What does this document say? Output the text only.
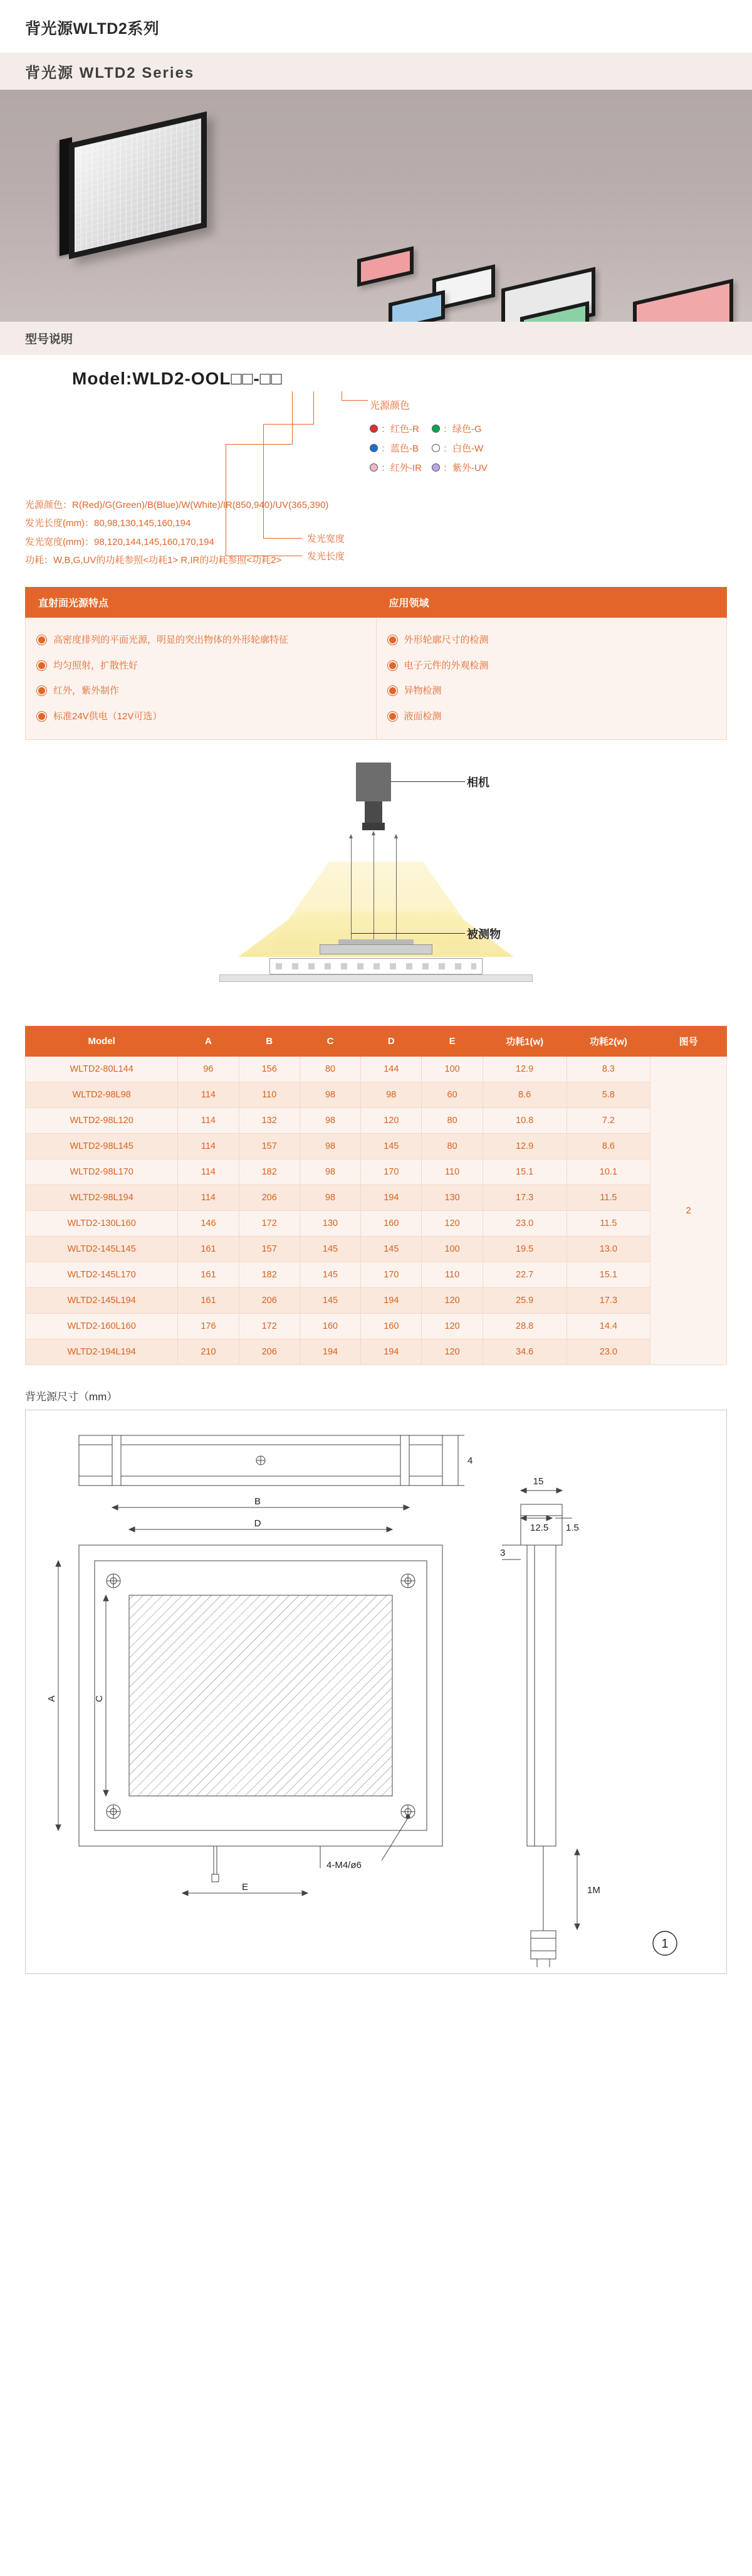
背光源WLTD2系列
背光源 WLTD2 Series
型号说明
Model:WLD2-OOL□□-□□
发光宽度
发光长度
光源颜色
：红色-R	：绿色-G
：蓝色-B	：白色-W
：红外-IR	：紫外-UV
光源颜色：R(Red)/G(Green)/B(Blue)/W(White)/IR(850,940)/UV(365,390)
发光长度(mm)：80,98,130,145,160,194
发光宽度(mm)：98,120,144,145,160,170,194
功耗：W,B,G,UV的功耗参照<功耗1> R,IR的功耗参照<功耗2>
直射面光源特点	应用领域

高密度排列的平面光源，明显的突出物体的外形轮廓特征
均匀照射，扩散性好
红外，紫外制作
标准24V供电（12V可选）

外形轮廓尺寸的检测
电子元件的外观检测
异物检测
液面检测
相机
被测物
Model	A	B	C	D	E	功耗1(w)	功耗2(w)	图号
WLTD2-80L144	96	156	80	144	100	12.9	8.3	2
WLTD2-98L98	114	110	98	98	60	8.6	5.8	
WLTD2-98L120	114	132	98	120	80	10.8	7.2	
WLTD2-98L145	114	157	98	145	80	12.9	8.6	
WLTD2-98L170	114	182	98	170	110	15.1	10.1	
WLTD2-98L194	114	206	98	194	130	17.3	11.5	
WLTD2-130L160	146	172	130	160	120	23.0	11.5	
WLTD2-145L145	161	157	145	145	100	19.5	13.0	
WLTD2-145L170	161	182	145	170	110	22.7	15.1	
WLTD2-145L194	161	206	145	194	120	25.9	17.3	
WLTD2-160L160	176	172	160	160	120	28.8	14.4	
WLTD2-194L194	210	206	194	194	120	34.6	23.0	
背光源尺寸（mm）
B
D
E
4
3
15
12.5 1.5
4-M4/ø6
1M
A	C
1
